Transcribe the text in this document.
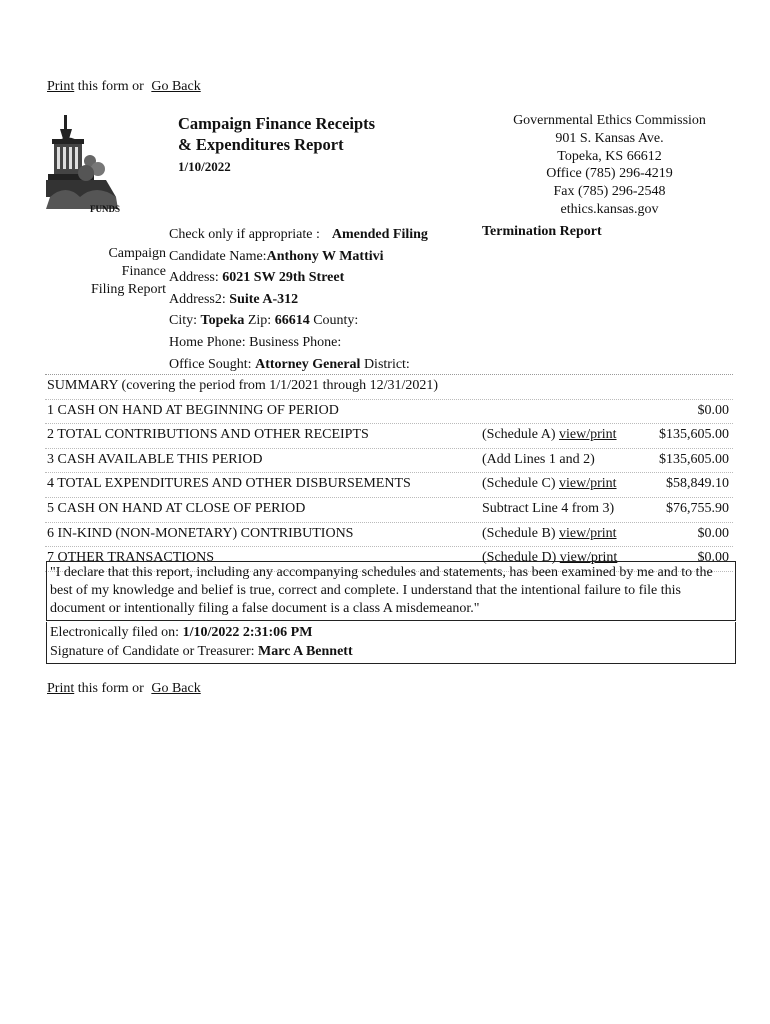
Print this form or Go Back
FUNDS
Campaign Finance Receipts
& Expenditures Report
1/10/2022
Governmental Ethics Commission
901 S. Kansas Ave.
Topeka, KS 66612
Office (785) 296-4219
Fax (785) 296-2548
ethics.kansas.gov
Campaign
Finance
Filing Report
Check only if appropriate : Amended Filing
Candidate Name:Anthony W Mattivi
Address: 6021 SW 29th Street
Address2: Suite A-312
City: Topeka Zip: 66614 County:
Home Phone: Business Phone:
Office Sought: Attorney General District:
Termination Report
SUMMARY (covering the period from 1/1/2021 through 12/31/2021)
1 CASH ON HAND AT BEGINNING OF PERIOD	$0.00
2 TOTAL CONTRIBUTIONS AND OTHER RECEIPTS	(Schedule A) view/print	$135,605.00
3 CASH AVAILABLE THIS PERIOD	(Add Lines 1 and 2)	$135,605.00
4 TOTAL EXPENDITURES AND OTHER DISBURSEMENTS	(Schedule C) view/print	$58,849.10
5 CASH ON HAND AT CLOSE OF PERIOD	Subtract Line 4 from 3)	$76,755.90
6 IN-KIND (NON-MONETARY) CONTRIBUTIONS	(Schedule B) view/print	$0.00
7 OTHER TRANSACTIONS	(Schedule D) view/print	$0.00
"I declare that this report, including any accompanying schedules and statements, has been examined by me and to the best of my knowledge and belief is true, correct and complete. I understand that the intentional failure to file this document or intentionally filing a false document is a class A misdemeanor."
Electronically filed on: 1/10/2022 2:31:06 PM
Signature of Candidate or Treasurer: Marc A Bennett
Print this form or Go Back
